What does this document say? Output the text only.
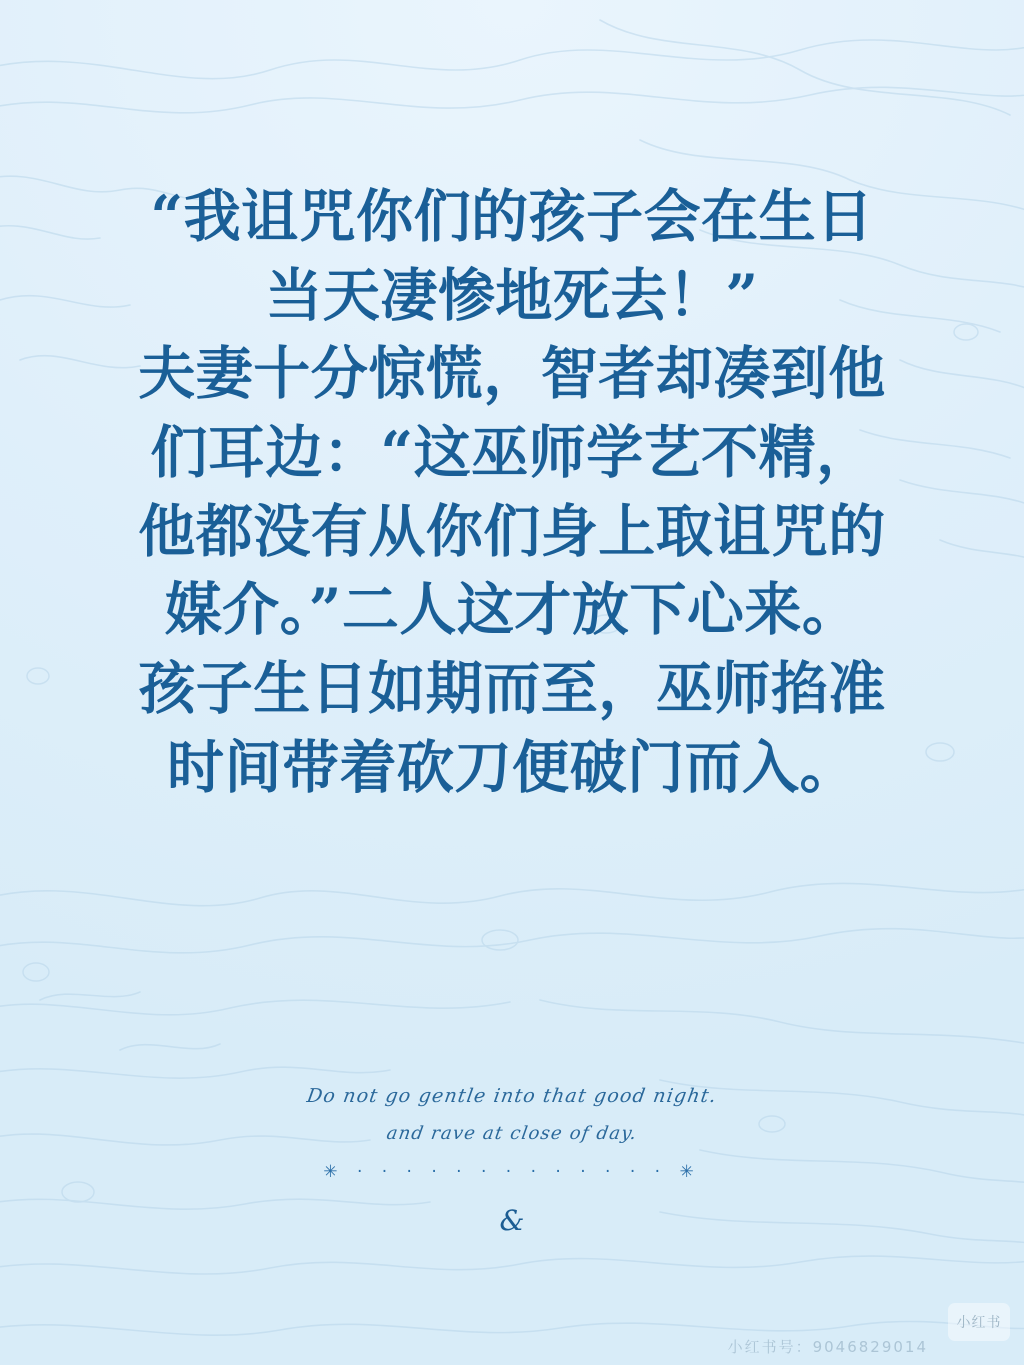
“我诅咒你们的孩子会在生日
当天凄惨地死去！”
夫妻十分惊慌，智者却凑到他
们耳边：“这巫师学艺不精，
他都没有从你们身上取诅咒的
媒介。”二人这才放下心来。
孩子生日如期而至，巫师掐准
时间带着砍刀便破门而入。
Do not go gentle into that good night.
and rave at close of day.
✳ · · · · · · · · · · · · · ✳
&
小红书
小红书号：9046829014
